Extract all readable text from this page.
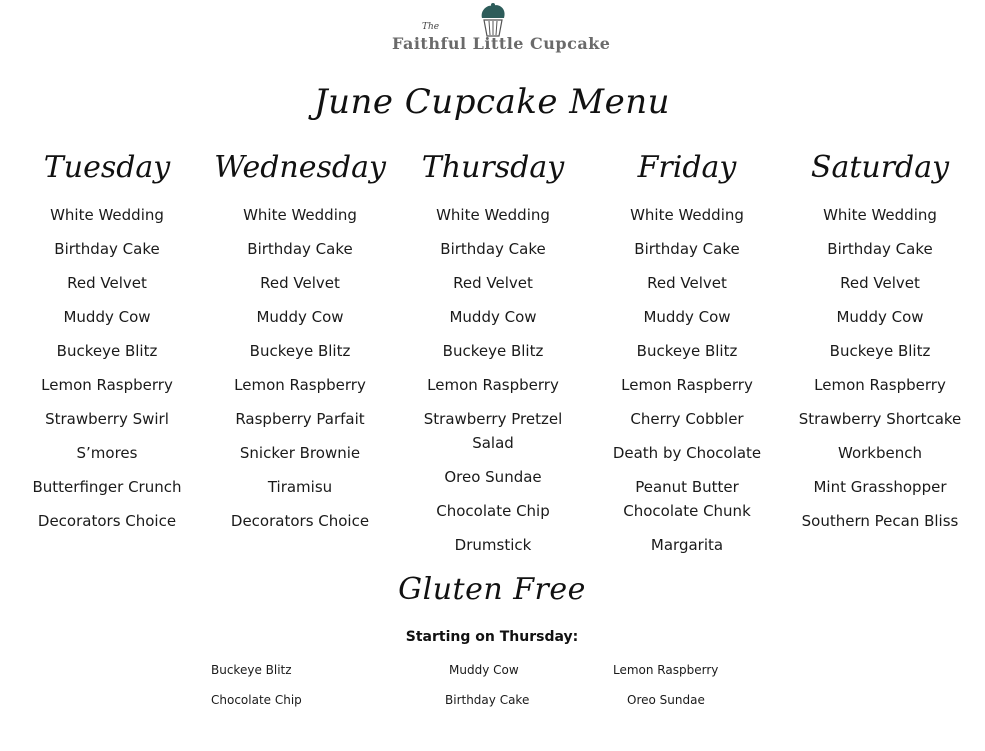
The
Faithful Little Cupcake
June Cupcake Menu
Tuesday
White Wedding
Birthday Cake
Red Velvet
Muddy Cow
Buckeye Blitz
Lemon Raspberry
Strawberry Swirl
S’mores
Butterfinger Crunch
Decorators Choice
Wednesday
White Wedding
Birthday Cake
Red Velvet
Muddy Cow
Buckeye Blitz
Lemon Raspberry
Raspberry Parfait
Snicker Brownie
Tiramisu
Decorators Choice
Thursday
White Wedding
Birthday Cake
Red Velvet
Muddy Cow
Buckeye Blitz
Lemon Raspberry
Strawberry Pretzel Salad
Oreo Sundae
Chocolate Chip
Drumstick
Friday
White Wedding
Birthday Cake
Red Velvet
Muddy Cow
Buckeye Blitz
Lemon Raspberry
Cherry Cobbler
Death by Chocolate
Peanut Butter Chocolate Chunk
Margarita
Saturday
White Wedding
Birthday Cake
Red Velvet
Muddy Cow
Buckeye Blitz
Lemon Raspberry
Strawberry Shortcake
Workbench
Mint Grasshopper
Southern Pecan Bliss
Gluten Free
Starting on Thursday:
Buckeye Blitz	Muddy Cow	Lemon Raspberry
Chocolate Chip	Birthday Cake	Oreo Sundae
